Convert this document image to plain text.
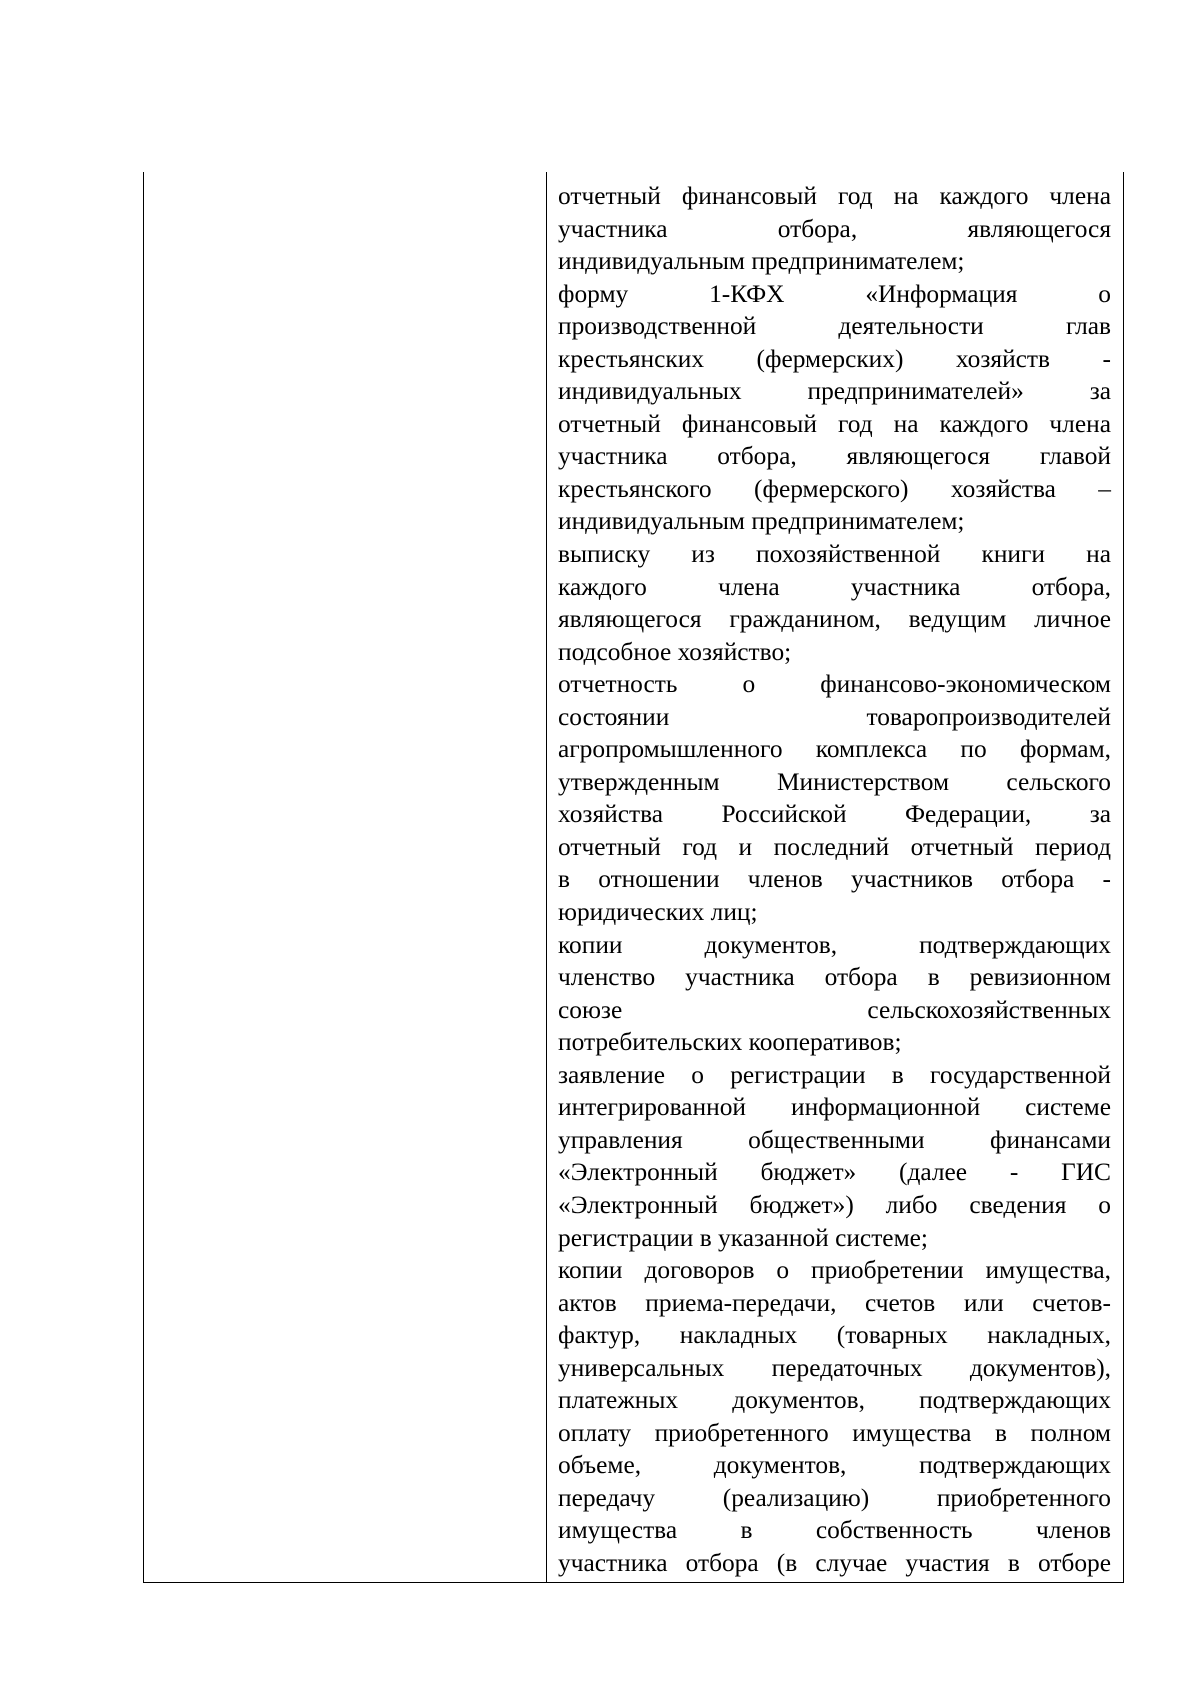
отчетный финансовый год на каждого члена
участника отбора, являющегося
индивидуальным предпринимателем;
форму 1-КФХ «Информация о
производственной деятельности глав
крестьянских (фермерских) хозяйств -
индивидуальных предпринимателей» за
отчетный финансовый год на каждого члена
участника отбора, являющегося главой
крестьянского (фермерского) хозяйства –
индивидуальным предпринимателем;
выписку из похозяйственной книги на
каждого члена участника отбора,
являющегося гражданином, ведущим личное
подсобное хозяйство;
отчетность о финансово-экономическом
состоянии товаропроизводителей
агропромышленного комплекса по формам,
утвержденным Министерством сельского
хозяйства Российской Федерации, за
отчетный год и последний отчетный период
в отношении членов участников отбора -
юридических лиц;
копии документов, подтверждающих
членство участника отбора в ревизионном
союзе сельскохозяйственных
потребительских кооперативов;
заявление о регистрации в государственной
интегрированной информационной системе
управления общественными финансами
«Электронный бюджет» (далее - ГИС
«Электронный бюджет») либо сведения о
регистрации в указанной системе;
копии договоров о приобретении имущества,
актов приема-передачи, счетов или счетов-
фактур, накладных (товарных накладных,
универсальных передаточных документов),
платежных документов, подтверждающих
оплату приобретенного имущества в полном
объеме, документов, подтверждающих
передачу (реализацию) приобретенного
имущества в собственность членов
участника отбора (в случае участия в отборе
